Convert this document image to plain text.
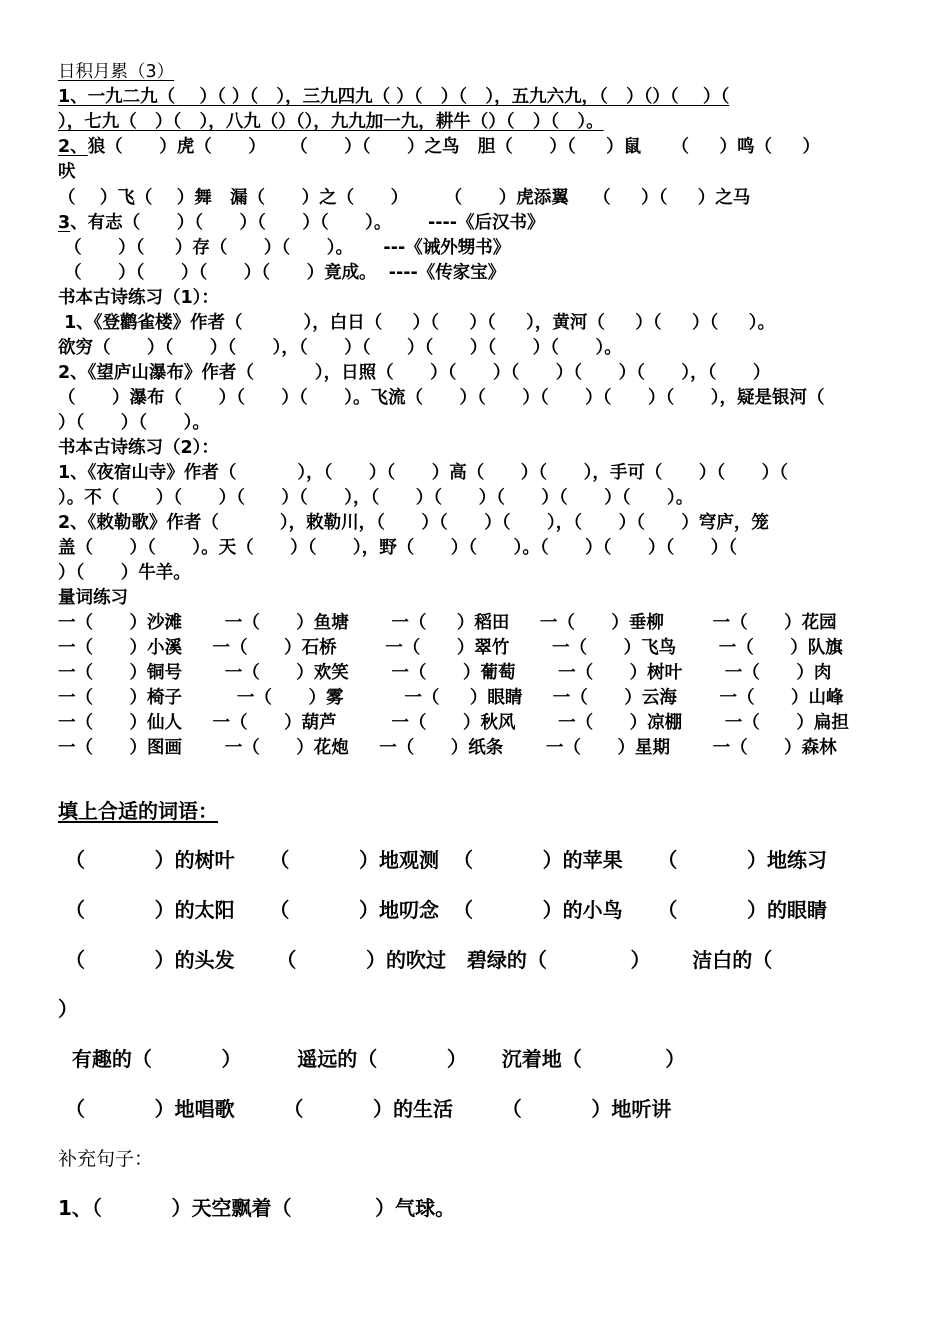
日积月累（3）
1、一九二九（    ）（ ）（   ），三九四九（ ）（   ）（   ），五九六九，（   ）（）（    ）（
），七九（   ）（   ），八九（）（），九九加一九，耕牛（）（   ）（   ）。
2、狼（      ）虎（      ）    （      ）（      ）之鸟   胆（      ）（     ）鼠     （     ）鸣（     ）
吠
（    ）飞（    ）舞   漏（      ）之（      ）      （      ）虎添翼    （     ）（     ）之马
3、有志（      ）（      ）（      ）（      ）。      ----《后汉书》
（      ）（     ）存（      ）（      ）。     ---《诫外甥书》
（      ）（      ）（      ）（      ）竟成。  ----《传家宝》
书本古诗练习（1）：
1、《登鹳雀楼》作者（          ），白日（     ）（     ）（     ），黄河（     ）（     ）（     ）。
欲穷（      ）（      ）（      ），（      ）（      ）（      ）（      ）（      ）。
2、《望庐山瀑布》作者（          ），日照（      ）（      ）（      ）（      ）（      ），（      ）
（      ）瀑布（      ）（      ）（      ）。飞流（      ）（      ）（      ）（      ）（      ），疑是银河（
）（      ）（      ）。
书本古诗练习（2）：
1、《夜宿山寺》作者（          ），（      ）（      ）高（      ）（      ），手可（      ）（      ）（
）。不（      ）（      ）（      ）（      ），（      ）（      ）（      ）（      ）（      ）。
2、《敕勒歌》作者（          ），敕勒川，（      ）（      ）（      ），（      ）（      ）穹庐，笼
盖（      ）（      ）。天（      ）（      ），野（      ）（      ）。（      ）（      ）（      ）（
）（      ）牛羊。
量词练习
一（      ）沙滩       一（      ）鱼塘       一（     ）稻田     一（      ）垂柳        一（      ）花园
一（      ）小溪     一（      ）石桥        一（      ）翠竹       一（      ）飞鸟       一（      ）队旗
一（      ）铜号       一（      ）欢笑       一（      ）葡萄       一（      ）树叶       一（      ）肉
一（      ）椅子         一（      ）雾          一（     ）眼睛     一（      ）云海       一（      ）山峰
一（      ）仙人     一（      ）葫芦         一（      ）秋风       一（      ）凉棚       一（      ）扁担
一（      ）图画       一（      ）花炮     一（      ）纸条       一（      ）星期       一（      ）森林
填上合适的词语：
（          ）的树叶     （          ）地观测  （          ）的苹果     （          ）地练习
（          ）的太阳     （          ）地叨念  （          ）的小鸟     （          ）的眼睛
（          ）的头发      （          ）的吹过   碧绿的（            ）      洁白的（
）
有趣的（          ）        遥远的（          ）     沉着地（            ）
（          ）地唱歌       （          ）的生活       （          ）地听讲
补充句子：
1、（          ）天空飘着（            ）气球。
